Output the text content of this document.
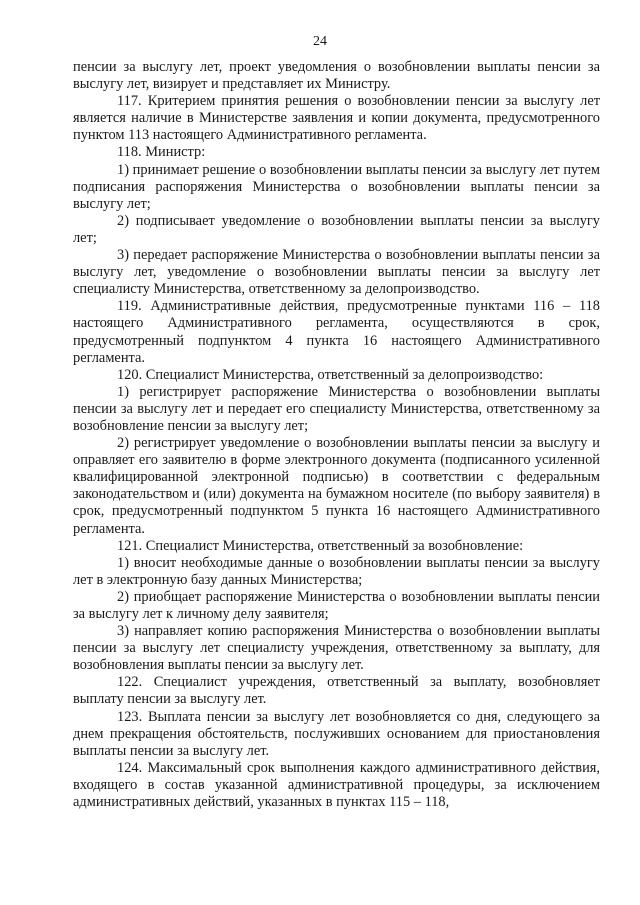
24

пенсии за выслугу лет, проект уведомления о возобновлении выплаты пенсии за выслугу лет, визирует и представляет их Министру.

117. Критерием принятия решения о возобновлении пенсии за выслугу лет является наличие в Министерстве заявления и копии документа, предусмотренного пунктом 113 настоящего Административного регламента.

118. Министр:

1) принимает решение о возобновлении выплаты пенсии за выслугу лет путем подписания распоряжения Министерства о возобновлении выплаты пенсии за выслугу лет;

2) подписывает уведомление о возобновлении выплаты пенсии за выслугу лет;

3) передает распоряжение Министерства о возобновлении выплаты пенсии за выслугу лет, уведомление о возобновлении выплаты пенсии за выслугу лет специалисту Министерства, ответственному за делопроизводство.

119. Административные действия, предусмотренные пунктами 116 – 118 настоящего Административного регламента, осуществляются в срок, предусмотренный подпунктом 4 пункта 16 настоящего Административного регламента.

120. Специалист Министерства, ответственный за делопроизводство:

1) регистрирует распоряжение Министерства о возобновлении выплаты пенсии за выслугу лет и передает его специалисту Министерства, ответственному за возобновление пенсии за выслугу лет;

2) регистрирует уведомление о возобновлении выплаты пенсии за выслугу и оправляет его заявителю в форме электронного документа (подписанного усиленной квалифицированной электронной подписью) в соответствии с федеральным законодательством и (или) документа на бумажном носителе (по выбору заявителя) в срок, предусмотренный подпунктом 5 пункта 16 настоящего Административного регламента.

121. Специалист Министерства, ответственный за возобновление:

1) вносит необходимые данные о возобновлении выплаты пенсии за выслугу лет в электронную базу данных Министерства;

2) приобщает распоряжение Министерства о возобновлении выплаты пенсии за выслугу лет к личному делу заявителя;

3) направляет копию распоряжения Министерства о возобновлении выплаты пенсии за выслугу лет специалисту учреждения, ответственному за выплату, для возобновления выплаты пенсии за выслугу лет.

122. Специалист учреждения, ответственный за выплату, возобновляет выплату пенсии за выслугу лет.

123. Выплата пенсии за выслугу лет возобновляется со дня, следующего за днем прекращения обстоятельств, послуживших основанием для приостановления выплаты пенсии за выслугу лет.

124. Максимальный срок выполнения каждого административного действия, входящего в состав указанной административной процедуры, за исключением административных действий, указанных в пунктах 115 – 118,
